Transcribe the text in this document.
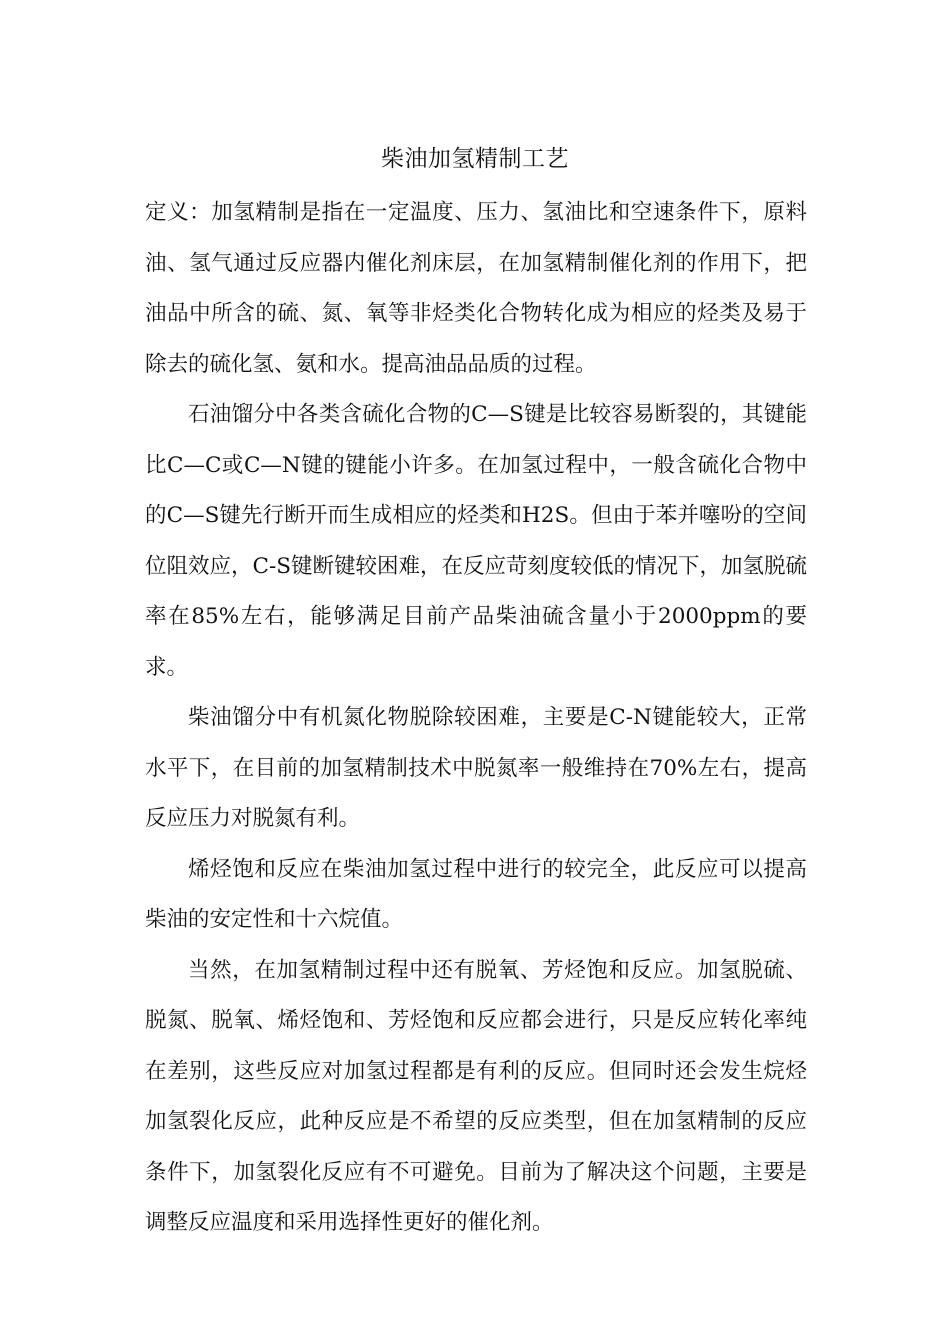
柴油加氢精制工艺

定义：加氢精制是指在一定温度、压力、氢油比和空速条件下，原料油、氢气通过反应器内催化剂床层，在加氢精制催化剂的作用下，把油品中所含的硫、氮、氧等非烃类化合物转化成为相应的烃类及易于除去的硫化氢、氨和水。提高油品品质的过程。

石油馏分中各类含硫化合物的C—S键是比较容易断裂的，其键能比C—C或C—N键的键能小许多。在加氢过程中，一般含硫化合物中的C—S键先行断开而生成相应的烃类和H2S。但由于苯并噻吩的空间位阻效应，C-S键断键较困难，在反应苛刻度较低的情况下，加氢脱硫率在85%左右，能够满足目前产品柴油硫含量小于2000ppm的要求。

柴油馏分中有机氮化物脱除较困难，主要是C-N键能较大，正常水平下，在目前的加氢精制技术中脱氮率一般维持在70%左右，提高反应压力对脱氮有利。

烯烃饱和反应在柴油加氢过程中进行的较完全，此反应可以提高柴油的安定性和十六烷值。

当然，在加氢精制过程中还有脱氧、芳烃饱和反应。加氢脱硫、脱氮、脱氧、烯烃饱和、芳烃饱和反应都会进行，只是反应转化率纯在差别，这些反应对加氢过程都是有利的反应。但同时还会发生烷烃加氢裂化反应，此种反应是不希望的反应类型，但在加氢精制的反应条件下，加氢裂化反应有不可避免。目前为了解决这个问题，主要是调整反应温度和采用选择性更好的催化剂。
